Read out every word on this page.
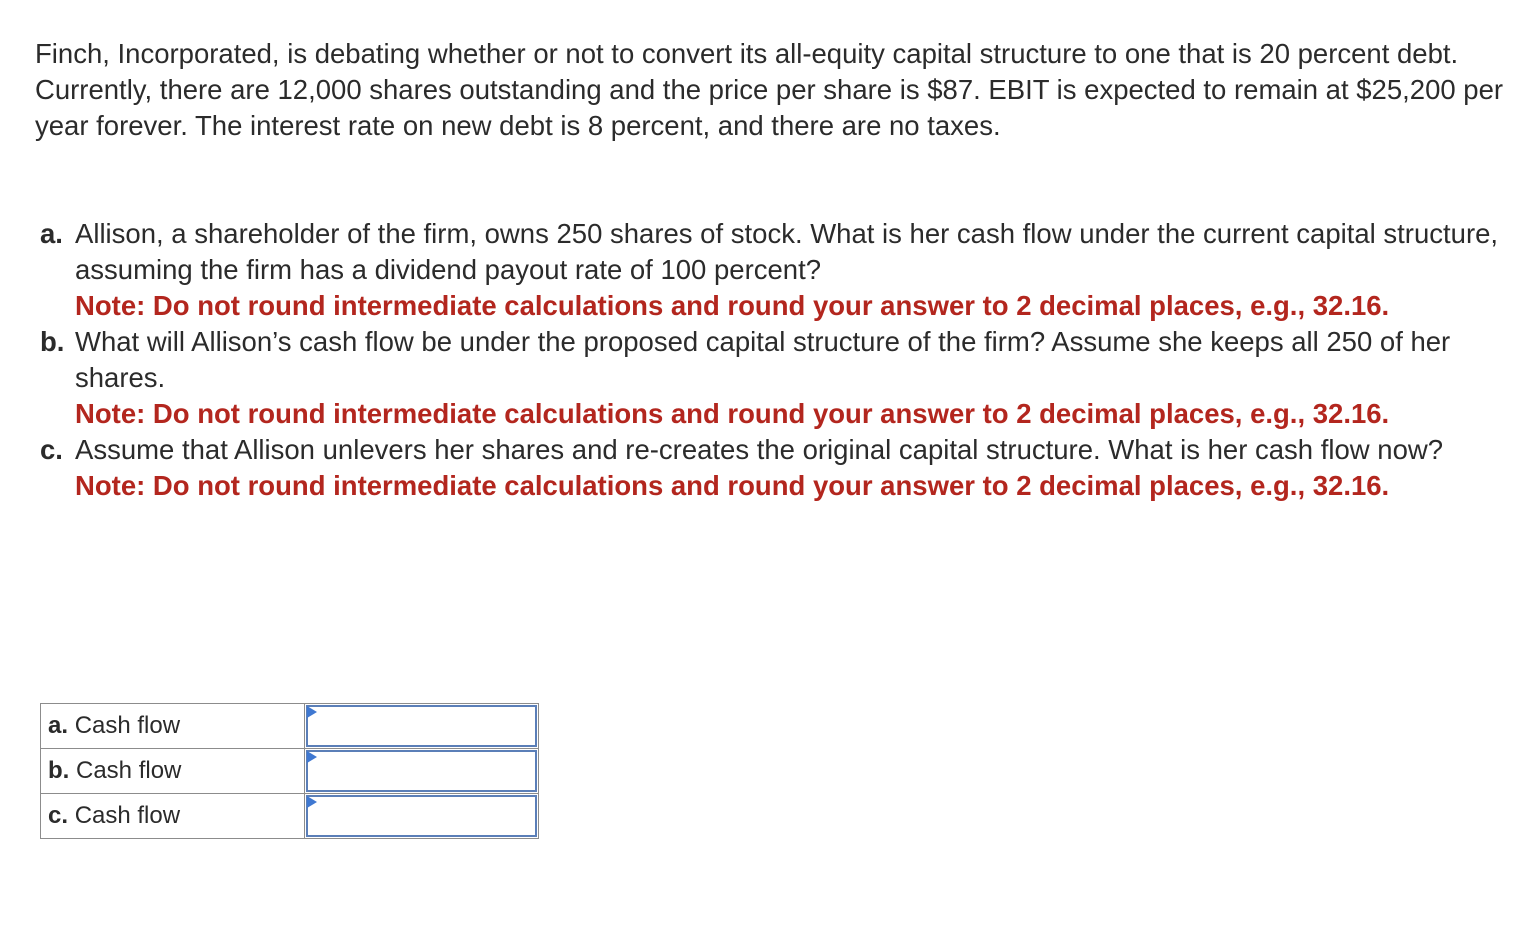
Finch, Incorporated, is debating whether or not to convert its all-equity capital structure to one that is 20 percent debt. Currently, there are 12,000 shares outstanding and the price per share is $87. EBIT is expected to remain at $25,200 per year forever. The interest rate on new debt is 8 percent, and there are no taxes.

a. Allison, a shareholder of the firm, owns 250 shares of stock. What is her cash flow under the current capital structure, assuming the firm has a dividend payout rate of 100 percent?
Note: Do not round intermediate calculations and round your answer to 2 decimal places, e.g., 32.16.
b. What will Allison’s cash flow be under the proposed capital structure of the firm? Assume she keeps all 250 of her shares.
Note: Do not round intermediate calculations and round your answer to 2 decimal places, e.g., 32.16.
c. Assume that Allison unlevers her shares and re-creates the original capital structure. What is her cash flow now?
Note: Do not round intermediate calculations and round your answer to 2 decimal places, e.g., 32.16.
a. Cash flow	

b. Cash flow	

c. Cash flow	
